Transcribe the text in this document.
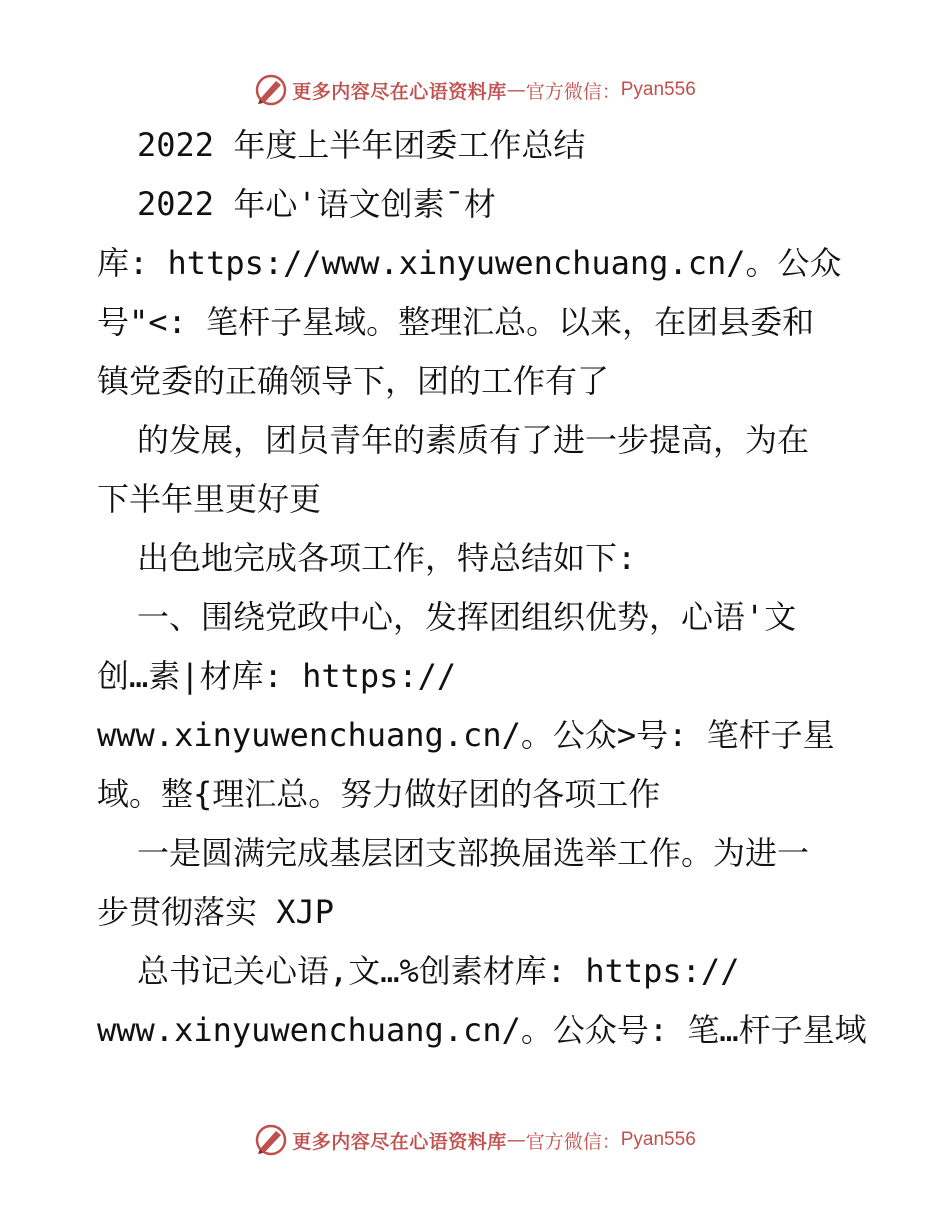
更多内容尽在心语资料库 — 官方微信： Pyan556
2022 年度上半年团委工作总结
2022 年心'语文创素¯材
库: https://www.xinyuwenchuang.cn/。公众
号"<: 笔杆子星域。整理汇总。以来，在团县委和
镇党委的正确领导下，团的工作有了
的发展，团员青年的素质有了进一步提高，为在
下半年里更好更
出色地完成各项工作，特总结如下:
一、围绕党政中心，发挥团组织优势，心语'文
创…素|材库: https://
www.xinyuwenchuang.cn/。公众>号: 笔杆子星
域。整{理汇总。努力做好团的各项工作
一是圆满完成基层团支部换届选举工作。为进一
步贯彻落实 XJP
总书记关心语,文…%创素材库: https://
www.xinyuwenchuang.cn/。公众号: 笔…杆子星域
更多内容尽在心语资料库 — 官方微信： Pyan556
